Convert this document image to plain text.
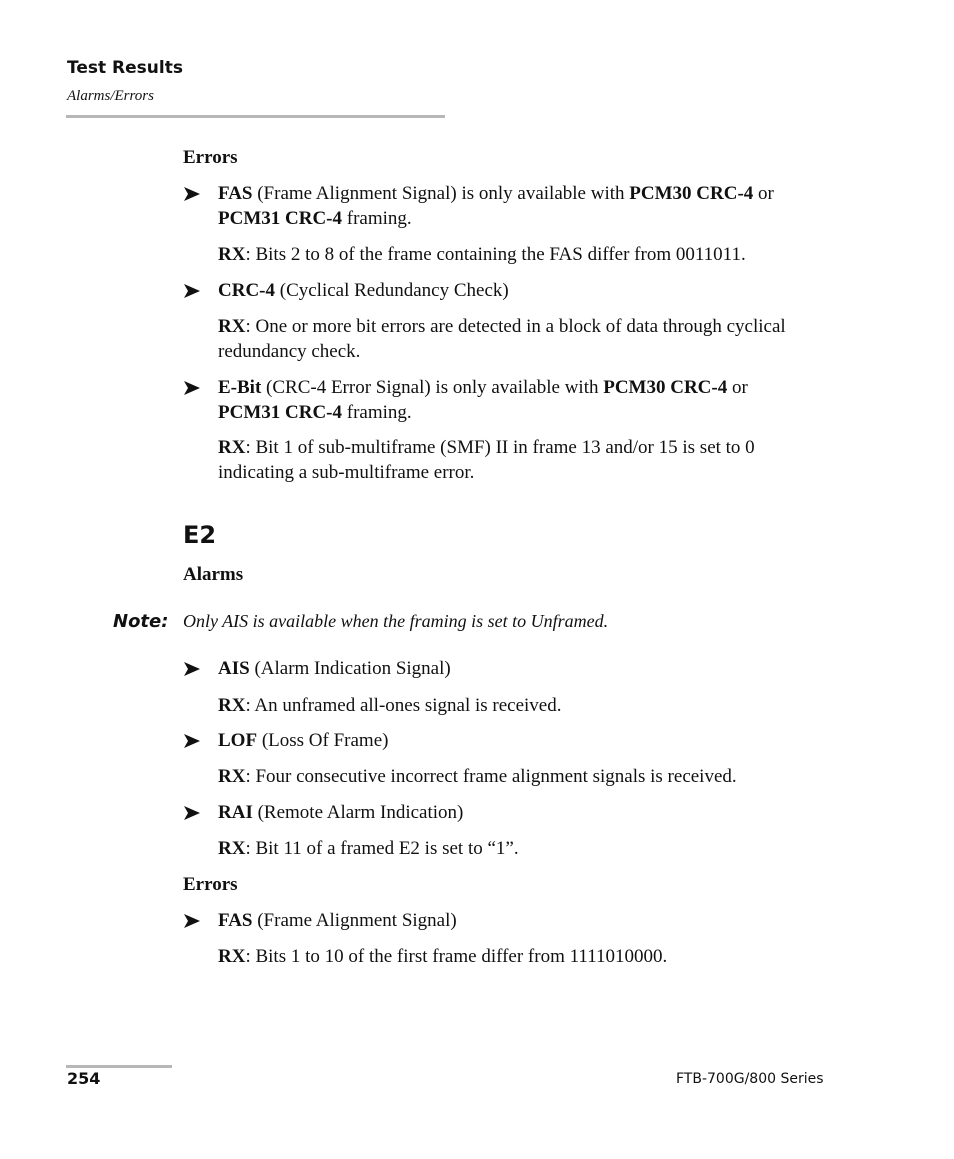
Test Results
Alarms/Errors
Errors
FAS (Frame Alignment Signal) is only available with PCM30 CRC-4 or
PCM31 CRC-4 framing.
RX: Bits 2 to 8 of the frame containing the FAS differ from 0011011.
CRC-4 (Cyclical Redundancy Check)
RX: One or more bit errors are detected in a block of data through cyclical redundancy check.
E-Bit (CRC-4 Error Signal) is only available with PCM30 CRC-4 or
PCM31 CRC-4 framing.
RX: Bit 1 of sub-multiframe (SMF) II in frame 13 and/or 15 is set to 0 indicating a sub-multiframe error.
E2
Alarms
Note: Only AIS is available when the framing is set to Unframed.
AIS (Alarm Indication Signal)
RX: An unframed all-ones signal is received.
LOF (Loss Of Frame)
RX: Four consecutive incorrect frame alignment signals is received.
RAI (Remote Alarm Indication)
RX: Bit 11 of a framed E2 is set to “1”.
Errors
FAS (Frame Alignment Signal)
RX: Bits 1 to 10 of the first frame differ from 1111010000.
254	FTB-700G/800 Series
